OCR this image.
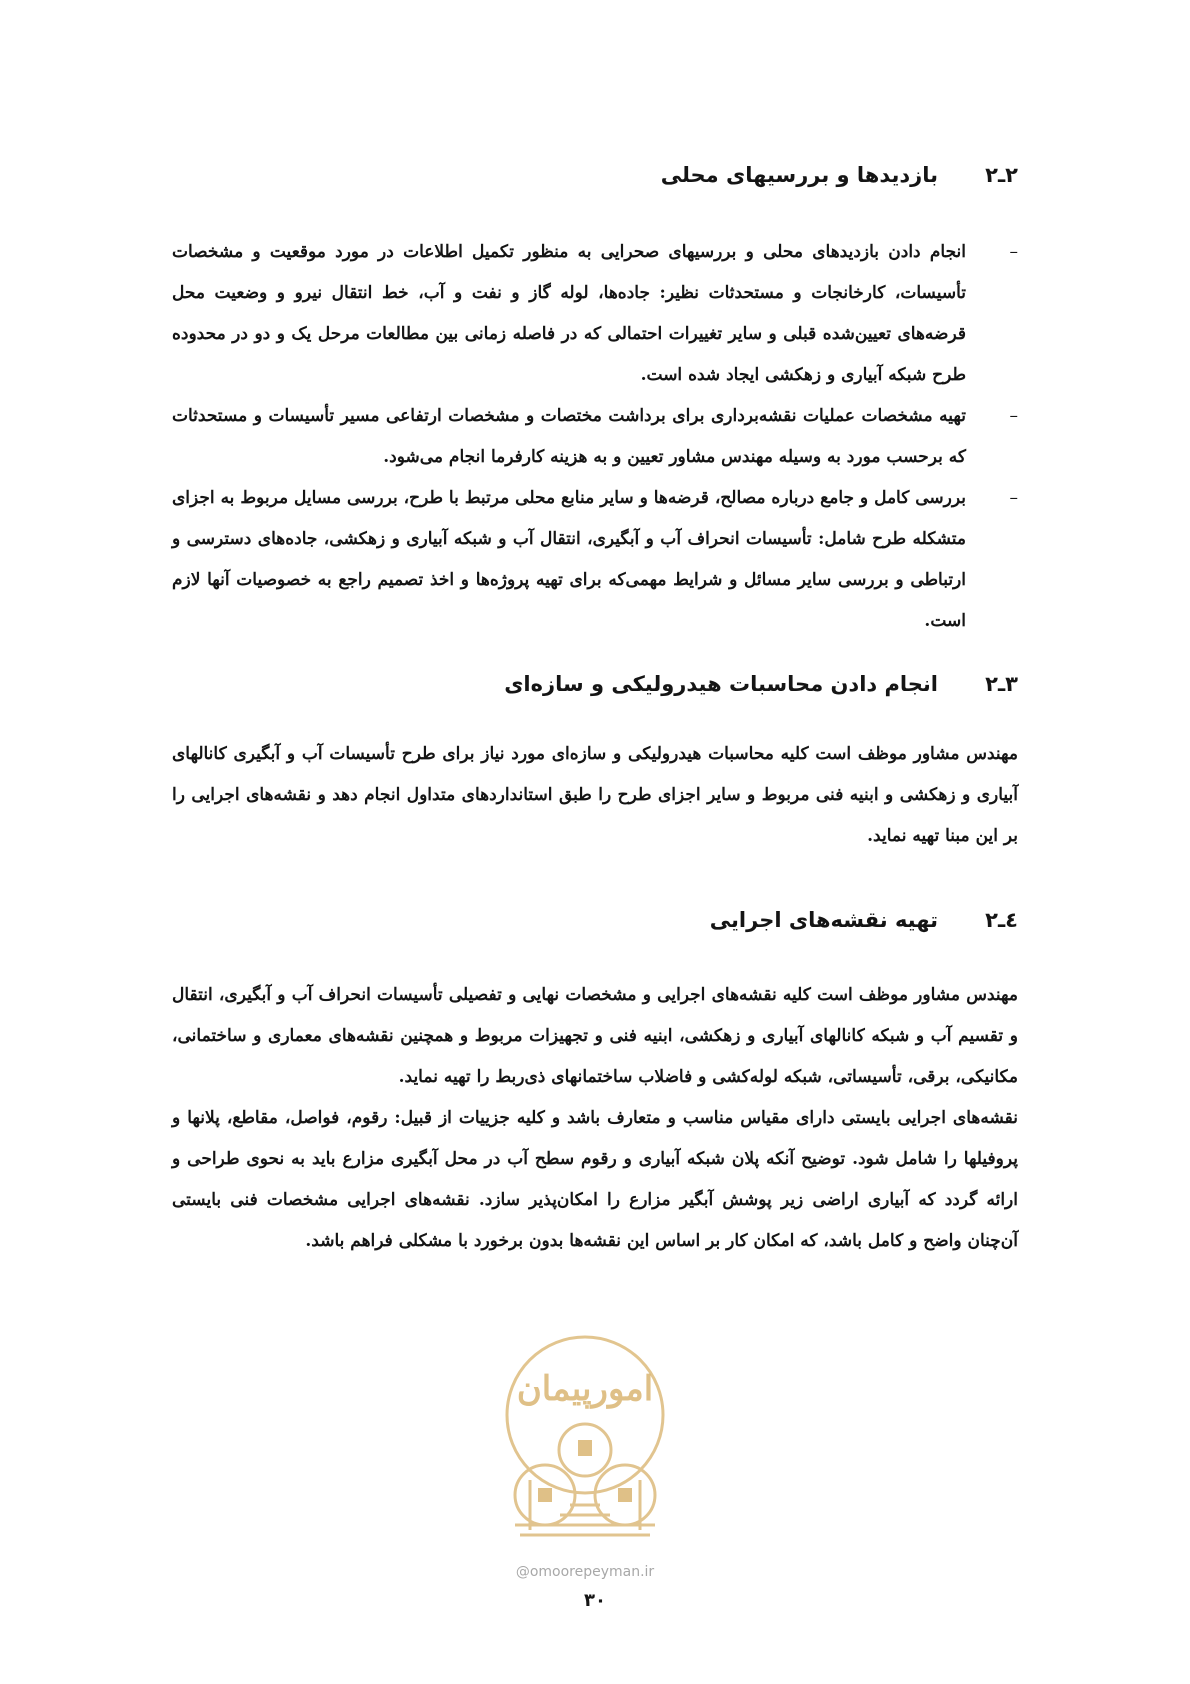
۲ـ۲
بازدیدها و بررسیهای محلی
–
انجام دادن بازدیدهای محلی و بررسیهای صحرایی به منظور تکمیل اطلاعات در مورد موقعیت و مشخصات تأسیسات، کارخانجات و مستحدثات نظیر: جاده‌ها، لوله گاز و نفت و آب، خط انتقال نیرو و وضعیت محل قرضه‌های تعیین‌شده قبلی و سایر تغییرات احتمالی که در فاصله زمانی بین مطالعات مرحل یک و دو در محدوده طرح شبکه آبیاری و زهکشی ایجاد شده است.
–
تهیه مشخصات عملیات نقشه‌برداری برای برداشت مختصات و مشخصات ارتفاعی مسیر تأسیسات و مستحدثات که برحسب مورد به وسیله مهندس مشاور تعیین و به هزینه کارفرما انجام می‌شود.
–
بررسی کامل و جامع درباره مصالح، قرضه‌ها و سایر منابع محلی مرتبط با طرح، بررسی مسایل مربوط به اجزای متشکله طرح شامل: تأسیسات انحراف آب و آبگیری، انتقال آب و شبکه آبیاری و زهکشی، جاده‌های دسترسی و ارتباطی و بررسی سایر مسائل و شرایط مهمی‌که برای تهیه پروژه‌ها و اخذ تصمیم راجع به خصوصیات آنها لازم است.
۳ـ۲
انجام دادن محاسبات هیدرولیکی و سازه‌ای

مهندس مشاور موظف است کلیه محاسبات هیدرولیکی و سازه‌ای مورد نیاز برای طرح تأسیسات آب و آبگیری کانالهای آبیاری و زهکشی و ابنیه فنی مربوط و سایر اجزای طرح را طبق استانداردهای متداول انجام دهد و نقشه‌های اجرایی را بر این مبنا تهیه نماید.

٤ـ۲
تهیه نقشه‌های اجرایی

مهندس مشاور موظف است کلیه نقشه‌های اجرایی و مشخصات نهایی و تفصیلی تأسیسات انحراف آب و آبگیری، انتقال و تقسیم آب و شبکه کانالهای آبیاری و زهکشی، ابنیه فنی و تجهیزات مربوط و همچنین نقشه‌های معماری و ساختمانی، مکانیکی، برقی، تأسیساتی، شبکه لوله‌کشی و فاضلاب ساختمانهای ذی‌ربط را تهیه نماید.

نقشه‌های اجرایی بایستی دارای مقیاس مناسب و متعارف باشد و کلیه جزییات از قبیل: رقوم، فواصل، مقاطع، پلانها و پروفیلها را شامل شود. توضیح آنکه پلان شبکه آبیاری و رقوم سطح آب در محل آبگیری مزارع باید به نحوی طراحی و ارائه گردد که آبیاری اراضی زیر پوشش آبگیر مزارع را امکان‌پذیر سازد. نقشه‌های اجرایی مشخصات فنی بایستی آن‌چنان واضح و کامل باشد، که امکان کار بر اساس این نقشه‌ها بدون برخورد با مشکلی فراهم باشد.

امورپیمان
@omoorepeyman.ir
۳۰
